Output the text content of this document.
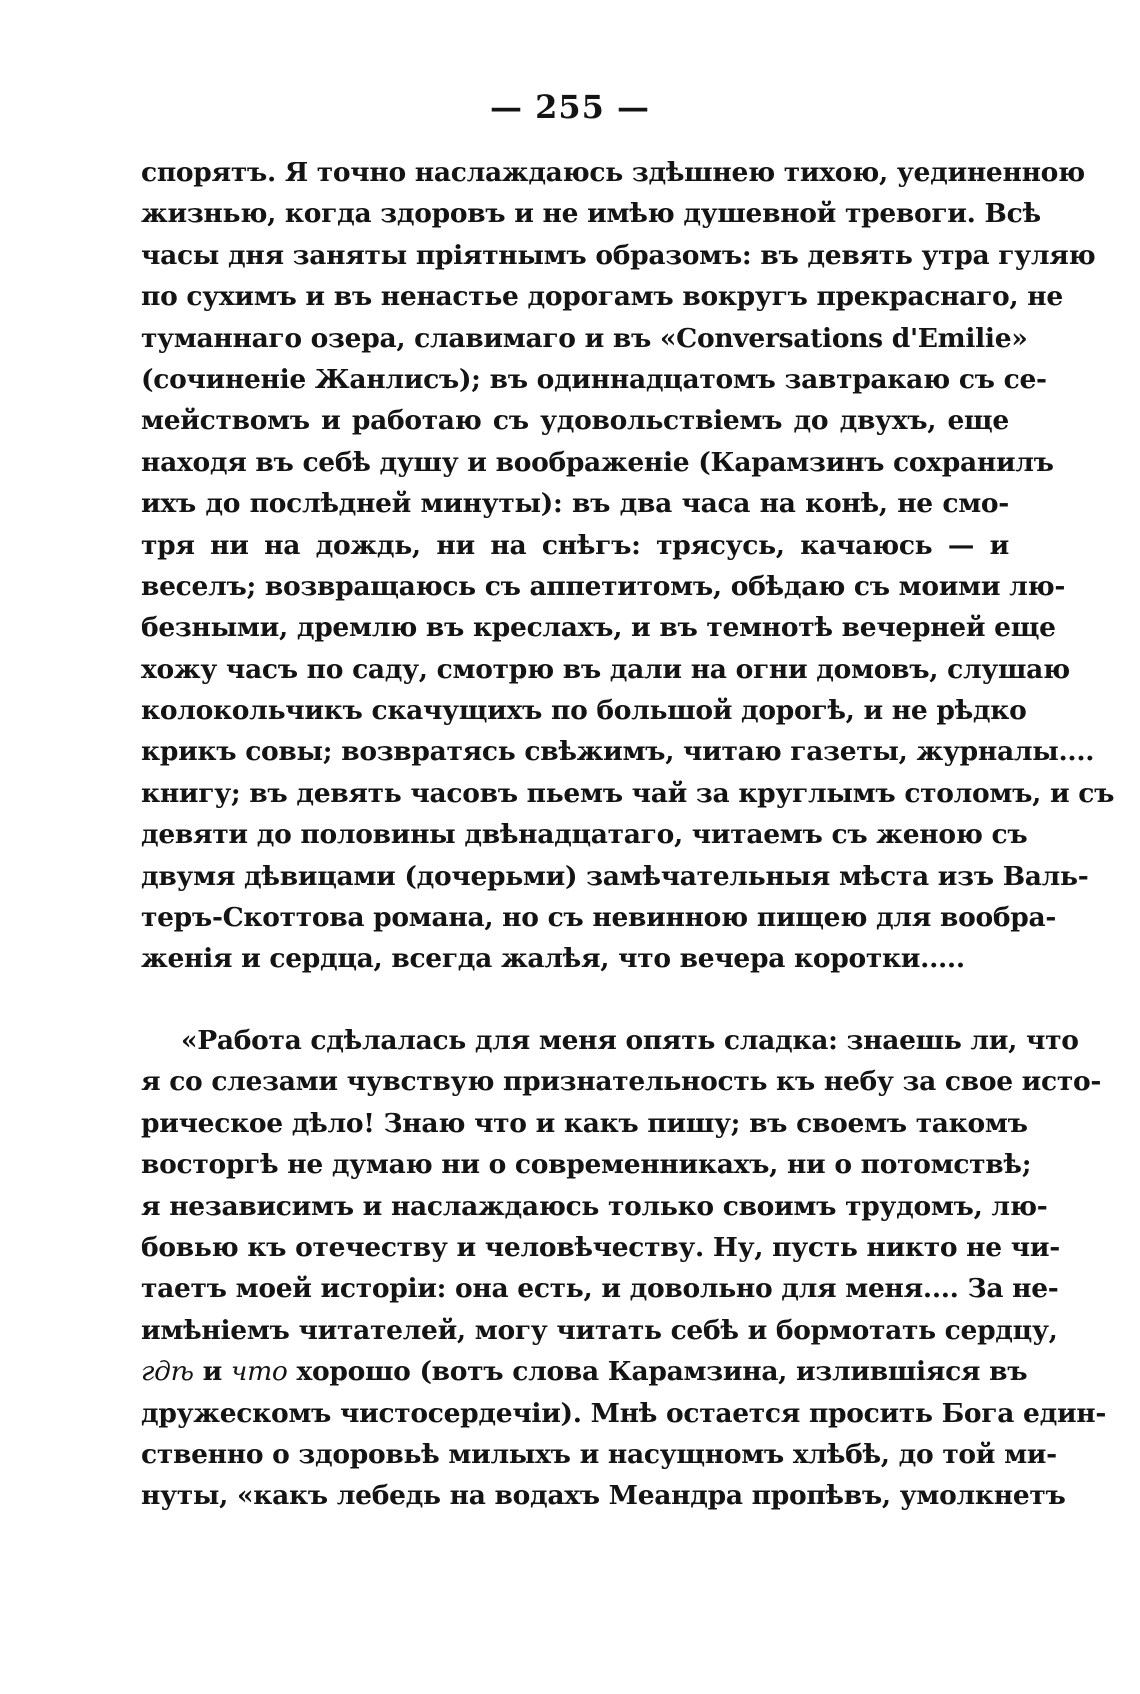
— 255 —
спорятъ. Я точно наслаждаюсь здѣшнею тихою, уединенною
жизнью, когда здоровъ и не имѣю душевной тревоги. Всѣ
часы дня заняты пріятнымъ образомъ: въ девять утра гуляю
по сухимъ и въ ненастье дорогамъ вокругъ прекраснаго, не
туманнаго озера, славимаго и въ «Conversations d'Emilie»
(сочиненіе Жанлисъ); въ одиннадцатомъ завтракаю съ се-
мействомъ и работаю съ удовольствіемъ до двухъ, еще
находя въ себѣ душу и воображеніе (Карамзинъ сохранилъ
ихъ до послѣдней минуты): въ два часа на конѣ, не смо-
тря ни на дождь, ни на снѣгъ: трясусь, качаюсь — и
веселъ; возвращаюсь съ аппетитомъ, обѣдаю съ моими лю-
безными, дремлю въ креслахъ, и въ темнотѣ вечерней еще
хожу часъ по саду, смотрю въ дали на огни домовъ, слушаю
колокольчикъ скачущихъ по большой дорогѣ, и не рѣдко
крикъ совы; возвратясь свѣжимъ, читаю газеты, журналы....
книгу; въ девять часовъ пьемъ чай за круглымъ столомъ, и съ
девяти до половины двѣнадцатаго, читаемъ съ женою съ
двумя дѣвицами (дочерьми) замѣчательныя мѣста изъ Валь-
теръ-Скоттова романа, но съ невинною пищею для вообра-
женія и сердца, всегда жалѣя, что вечера коротки.....
«Работа сдѣлалась для меня опять сладка: знаешь ли, что
я со слезами чувствую признательность къ небу за свое исто-
рическое дѣло! Знаю что и какъ пишу; въ своемъ такомъ
восторгѣ не думаю ни о современникахъ, ни о потомствѣ;
я независимъ и наслаждаюсь только своимъ трудомъ, лю-
бовью къ отечеству и человѣчеству. Ну, пусть никто не чи-
таетъ моей исторіи: она есть, и довольно для меня.... За не-
имѣніемъ читателей, могу читать себѣ и бормотать сердцу,
гдѣ и что хорошо (вотъ слова Карамзина, излившіяся въ
дружескомъ чистосердечіи). Мнѣ остается просить Бога един-
ственно о здоровьѣ милыхъ и насущномъ хлѣбѣ, до той ми-
нуты, «какъ лебедь на водахъ Меандра пропѣвъ, умолкнетъ
